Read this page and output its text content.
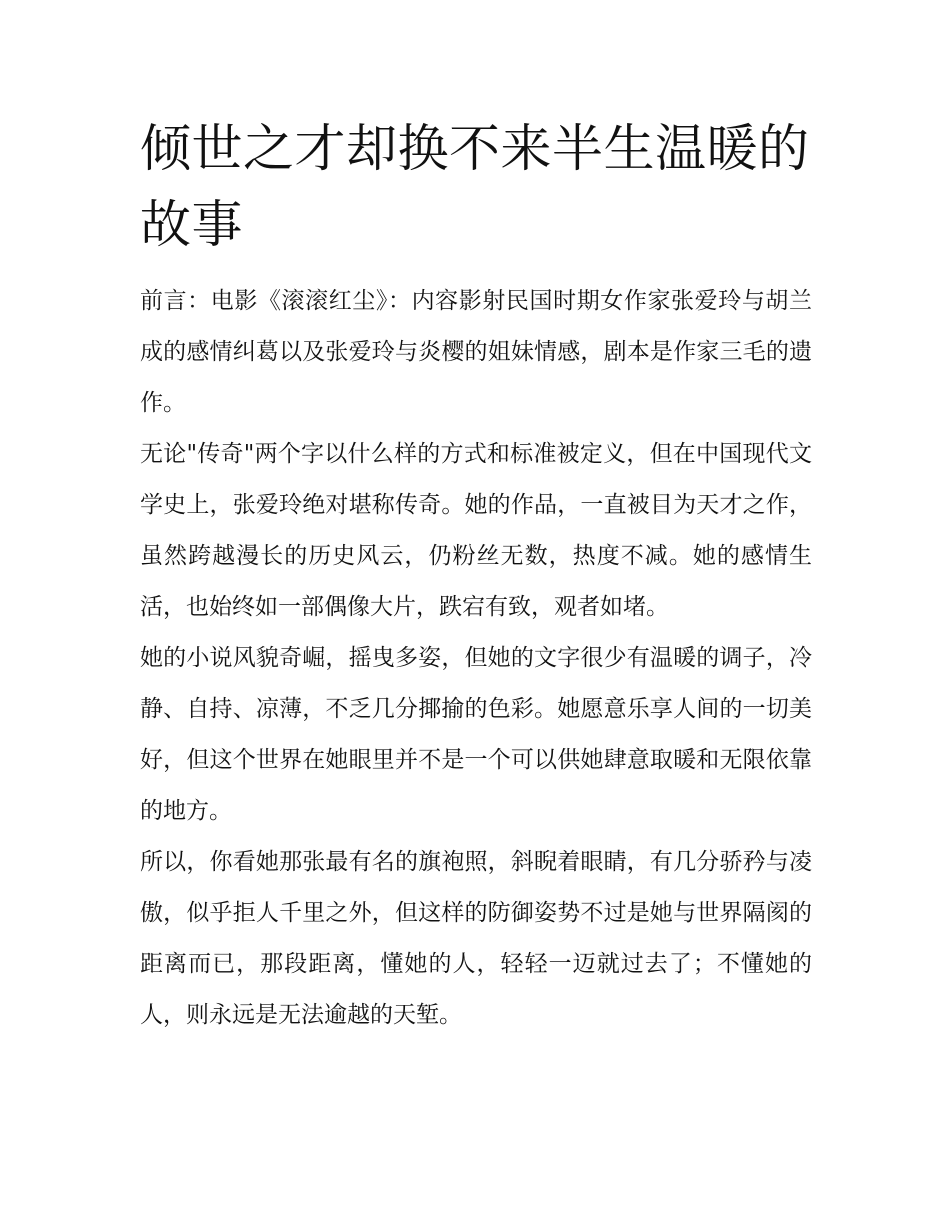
倾世之才却换不来半生温暖的故事

前言：电影《滚滚红尘》：内容影射民国时期女作家张爱玲与胡兰成的感情纠葛以及张爱玲与炎樱的姐妹情感，剧本是作家三毛的遗作。

无论"传奇"两个字以什么样的方式和标准被定义，但在中国现代文学史上，张爱玲绝对堪称传奇。她的作品，一直被目为天才之作，虽然跨越漫长的历史风云，仍粉丝无数，热度不减。她的感情生活，也始终如一部偶像大片，跌宕有致，观者如堵。

她的小说风貌奇崛，摇曳多姿，但她的文字很少有温暖的调子，冷静、自持、凉薄，不乏几分揶揄的色彩。她愿意乐享人间的一切美好，但这个世界在她眼里并不是一个可以供她肆意取暖和无限依靠的地方。

所以，你看她那张最有名的旗袍照，斜睨着眼睛，有几分骄矜与凌傲，似乎拒人千里之外，但这样的防御姿势不过是她与世界隔阂的距离而已，那段距离，懂她的人，轻轻一迈就过去了；不懂她的人，则永远是无法逾越的天堑。
